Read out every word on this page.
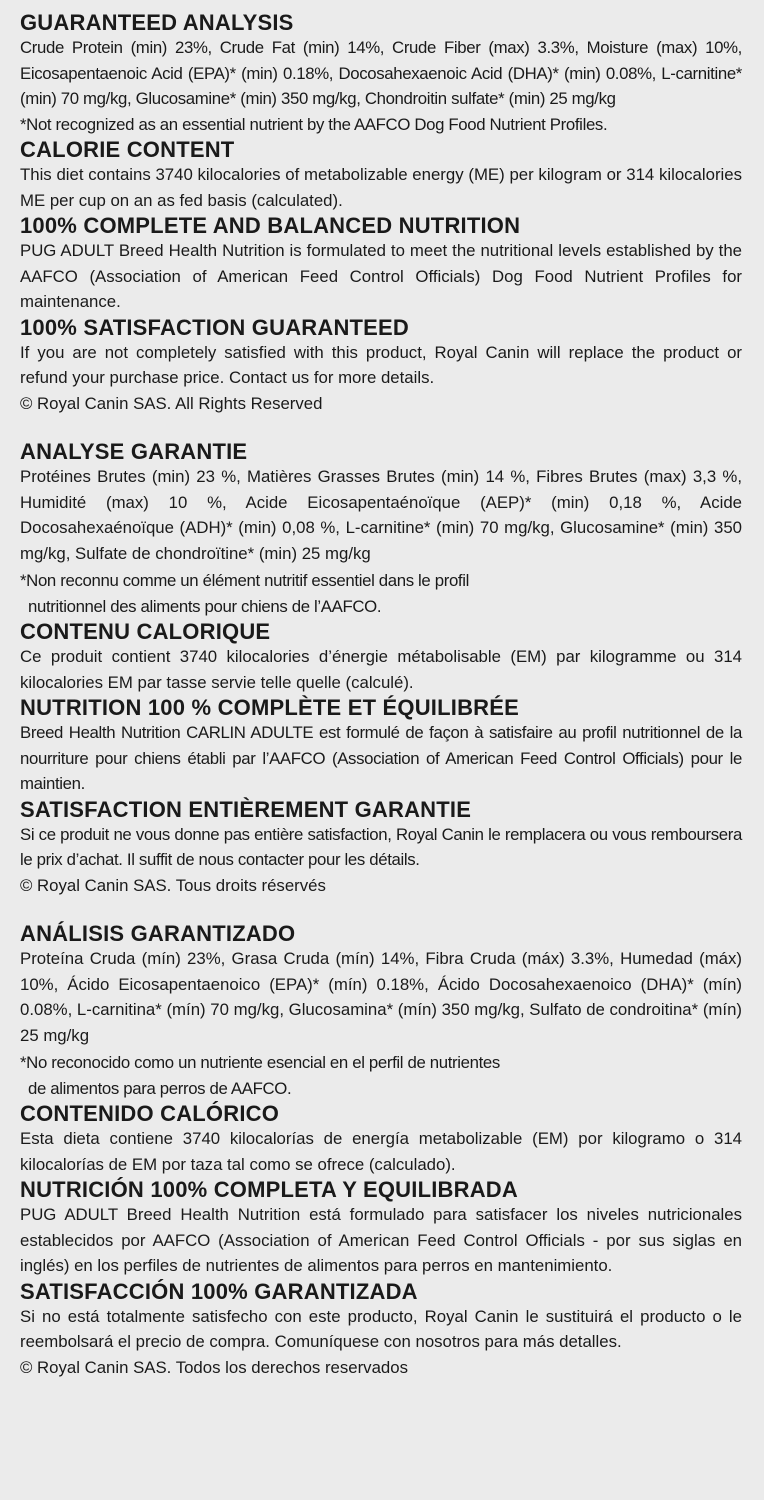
GUARANTEED ANALYSIS

Crude Protein (min) 23%, Crude Fat (min) 14%, Crude Fiber (max) 3.3%, Moisture (max) 10%, Eicosapentaenoic Acid (EPA)* (min) 0.18%, Docosahexaenoic Acid (DHA)* (min) 0.08%, L-carnitine* (min) 70 mg/kg, Glucosamine* (min) 350 mg/kg, Chondroitin sulfate* (min) 25 mg/kg

*Not recognized as an essential nutrient by the AAFCO Dog Food Nutrient Profiles.

CALORIE CONTENT

This diet contains 3740 kilocalories of metabolizable energy (ME) per kilogram or 314 kilocalories ME per cup on an as fed basis (calculated).

100% COMPLETE AND BALANCED NUTRITION

PUG ADULT Breed Health Nutrition is formulated to meet the nutritional levels established by the AAFCO (Association of American Feed Control Officials) Dog Food Nutrient Profiles for maintenance.

100% SATISFACTION GUARANTEED

If you are not completely satisfied with this product, Royal Canin will replace the product or refund your purchase price. Contact us for more details.

© Royal Canin SAS. All Rights Reserved

ANALYSE GARANTIE

Protéines Brutes (min) 23 %, Matières Grasses Brutes (min) 14 %, Fibres Brutes (max) 3,3 %, Humidité (max) 10 %, Acide Eicosapentaénoïque (AEP)* (min) 0,18 %, Acide Docosahexaénoïque (ADH)* (min) 0,08 %, L-carnitine* (min) 70 mg/kg, Glucosamine* (min) 350 mg/kg, Sulfate de chondroïtine* (min) 25 mg/kg

*Non reconnu comme un élément nutritif essentiel dans le profil
nutritionnel des aliments pour chiens de l’AAFCO.

CONTENU CALORIQUE

Ce produit contient 3740 kilocalories d’énergie métabolisable (EM) par kilogramme ou 314 kilocalories EM par tasse servie telle quelle (calculé).

NUTRITION 100 % COMPLÈTE ET ÉQUILIBRÉE

Breed Health Nutrition CARLIN ADULTE est formulé de façon à satisfaire au profil nutritionnel de la nourriture pour chiens établi par l’AAFCO (Association of American Feed Control Officials) pour le maintien.

SATISFACTION ENTIÈREMENT GARANTIE

Si ce produit ne vous donne pas entière satisfaction, Royal Canin le remplacera ou vous remboursera le prix d’achat. Il suffit de nous contacter pour les détails.

© Royal Canin SAS. Tous droits réservés

ANÁLISIS GARANTIZADO

Proteína Cruda (mín) 23%, Grasa Cruda (mín) 14%, Fibra Cruda (máx) 3.3%, Humedad (máx) 10%, Ácido Eicosapentaenoico (EPA)* (mín) 0.18%, Ácido Docosahexaenoico (DHA)* (mín) 0.08%, L-carnitina* (mín) 70 mg/kg, Glucosamina* (mín) 350 mg/kg, Sulfato de condroitina* (mín) 25 mg/kg

*No reconocido como un nutriente esencial en el perfil de nutrientes
de alimentos para perros de AAFCO.

CONTENIDO CALÓRICO

Esta dieta contiene 3740 kilocalorías de energía metabolizable (EM) por kilogramo o 314 kilocalorías de EM por taza tal como se ofrece (calculado).

NUTRICIÓN 100% COMPLETA Y EQUILIBRADA

PUG ADULT Breed Health Nutrition está formulado para satisfacer los niveles nutricionales establecidos por AAFCO (Association of American Feed Control Officials - por sus siglas en inglés) en los perfiles de nutrientes de alimentos para perros en mantenimiento.

SATISFACCIÓN 100% GARANTIZADA

Si no está totalmente satisfecho con este producto, Royal Canin le sustituirá el producto o le reembolsará el precio de compra. Comuníquese con nosotros para más detalles.

© Royal Canin SAS. Todos los derechos reservados
